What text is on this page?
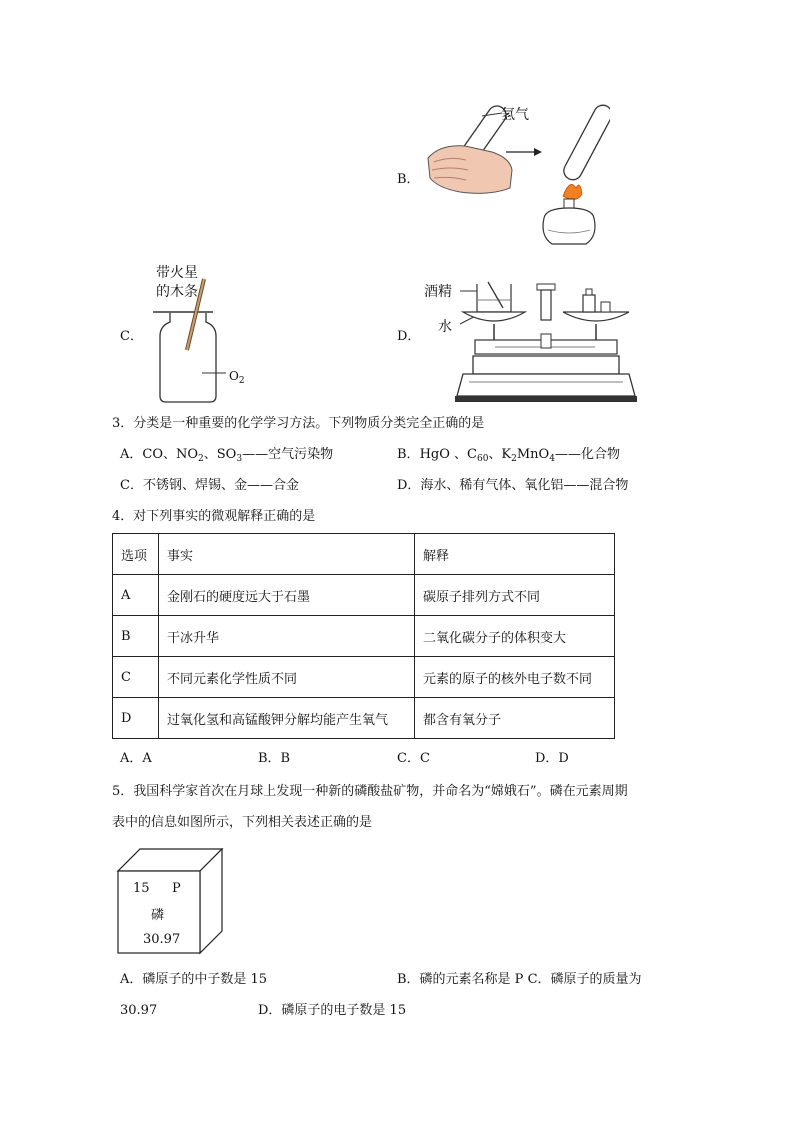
B．
氢气
C．
带火星
的木条
$O_2$
D．
酒精
水
3．分类是一种重要的化学学习方法。下列物质分类完全正确的是
A．CO、$NO_2$、$SO_3——$空气污染物	B．HgO 、$C_{60}$、$K_2MnO_4——$化合物
C．不锈钢、焊锡、金——合金	D．海水、稀有气体、氧化铝——混合物
4．对下列事实的微观解释正确的是
选项	事实	解释
A	金刚石的硬度远大于石墨	碳原子排列方式不同
B	干冰升华	二氧化碳分子的体积变大
C	不同元素化学性质不同	元素的原子的核外电子数不同
D	过氧化氢和高锰酸钾分解均能产生氧气	都含有氧分子
A．A	B．B	C．C	D．D
5．我国科学家首次在月球上发现一种新的磷酸盐矿物，并命名为“嫦娥石”。磷在元素周期
表中的信息如图所示，下列相关表述正确的是
15 P
磷
30.97
A．磷原子的中子数是 15	B．磷的元素名称是 P C．磷原子的质量为
30.97	D．磷原子的电子数是 15
